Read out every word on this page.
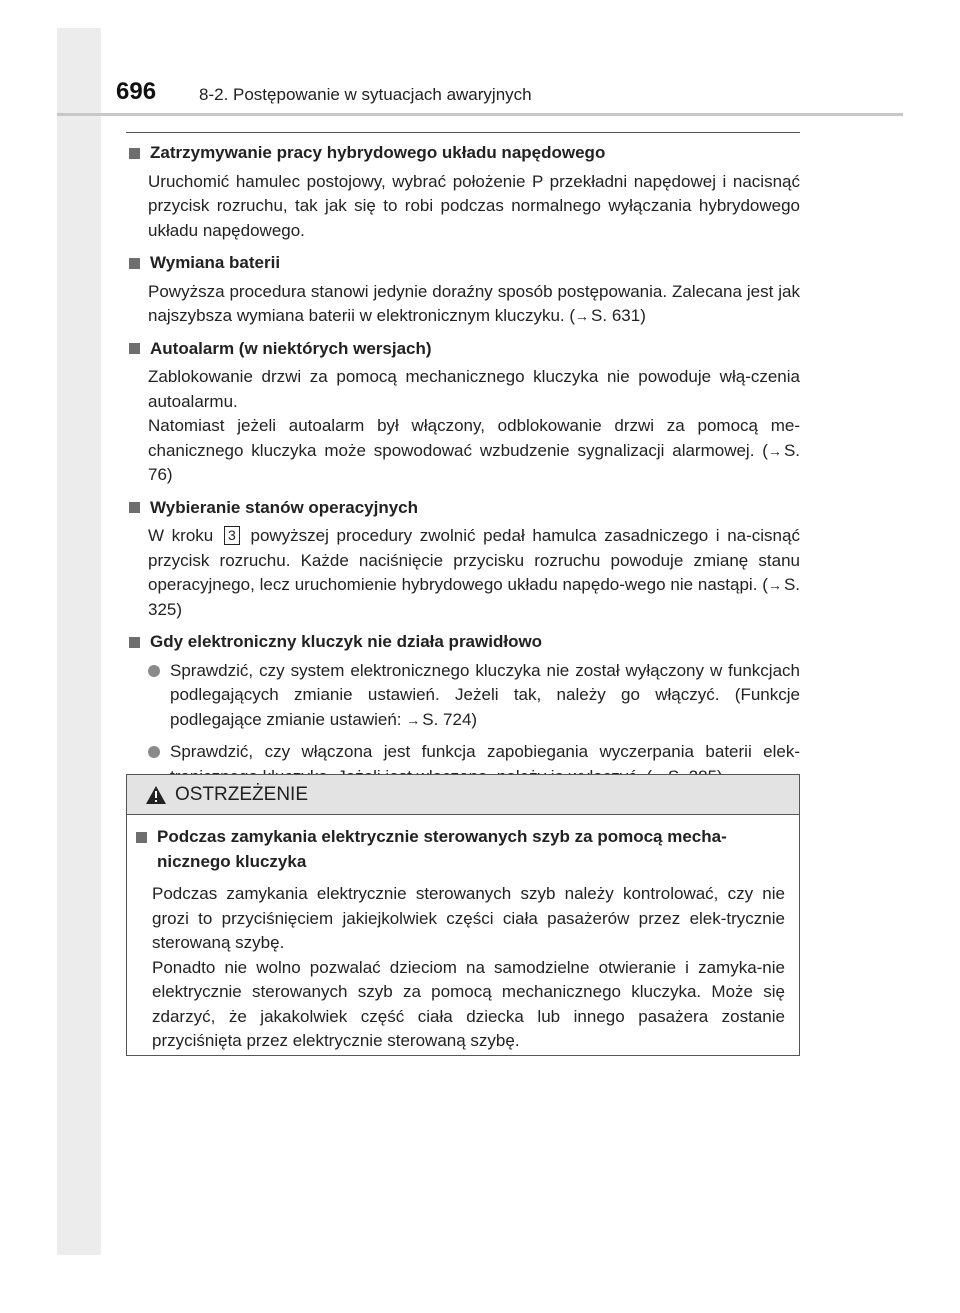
696	8-2. Postępowanie w sytuacjach awaryjnych
Zatrzymywanie pracy hybrydowego układu napędowego
Uruchomić hamulec postojowy, wybrać położenie P przekładni napędowej i nacisnąć przycisk rozruchu, tak jak się to robi podczas normalnego wyłączania hybrydowego układu napędowego.
Wymiana baterii
Powyższa procedura stanowi jedynie doraźny sposób postępowania. Zalecana jest jak najszybsza wymiana baterii w elektronicznym kluczyku. (→ S. 631)
Autoalarm (w niektórych wersjach)
Zablokowanie drzwi za pomocą mechanicznego kluczyka nie powoduje włą-czenia autoalarmu.
Natomiast jeżeli autoalarm był włączony, odblokowanie drzwi za pomocą me-chanicznego kluczyka może spowodować wzbudzenie sygnalizacji alarmowej. (→ S. 76)
Wybieranie stanów operacyjnych
W kroku 3 powyższej procedury zwolnić pedał hamulca zasadniczego i na-cisnąć przycisk rozruchu. Każde naciśnięcie przycisku rozruchu powoduje zmianę stanu operacyjnego, lecz uruchomienie hybrydowego układu napędo-wego nie nastąpi. (→ S. 325)
Gdy elektroniczny kluczyk nie działa prawidłowo
Sprawdzić, czy system elektronicznego kluczyka nie został wyłączony w funkcjach podlegających zmianie ustawień. Jeżeli tak, należy go włączyć. (Funkcje podlegające zmianie ustawień: → S. 724)
Sprawdzić, czy włączona jest funkcja zapobiegania wyczerpania baterii elek-
OSTRZEŻENIE
Podczas zamykania elektrycznie sterowanych szyb za pomocą mecha-nicznego kluczyka
Podczas zamykania elektrycznie sterowanych szyb należy kontrolować, czy nie grozi to przyciśnięciem jakiejkolwiek części ciała pasażerów przez elek-trycznie sterowaną szybę.
Ponadto nie wolno pozwalać dzieciom na samodzielne otwieranie i zamyka-nie elektrycznie sterowanych szyb za pomocą mechanicznego kluczyka. Może się zdarzyć, że jakakolwiek część ciała dziecka lub innego pasażera zostanie przyciśnięta przez elektrycznie sterowaną szybę.
